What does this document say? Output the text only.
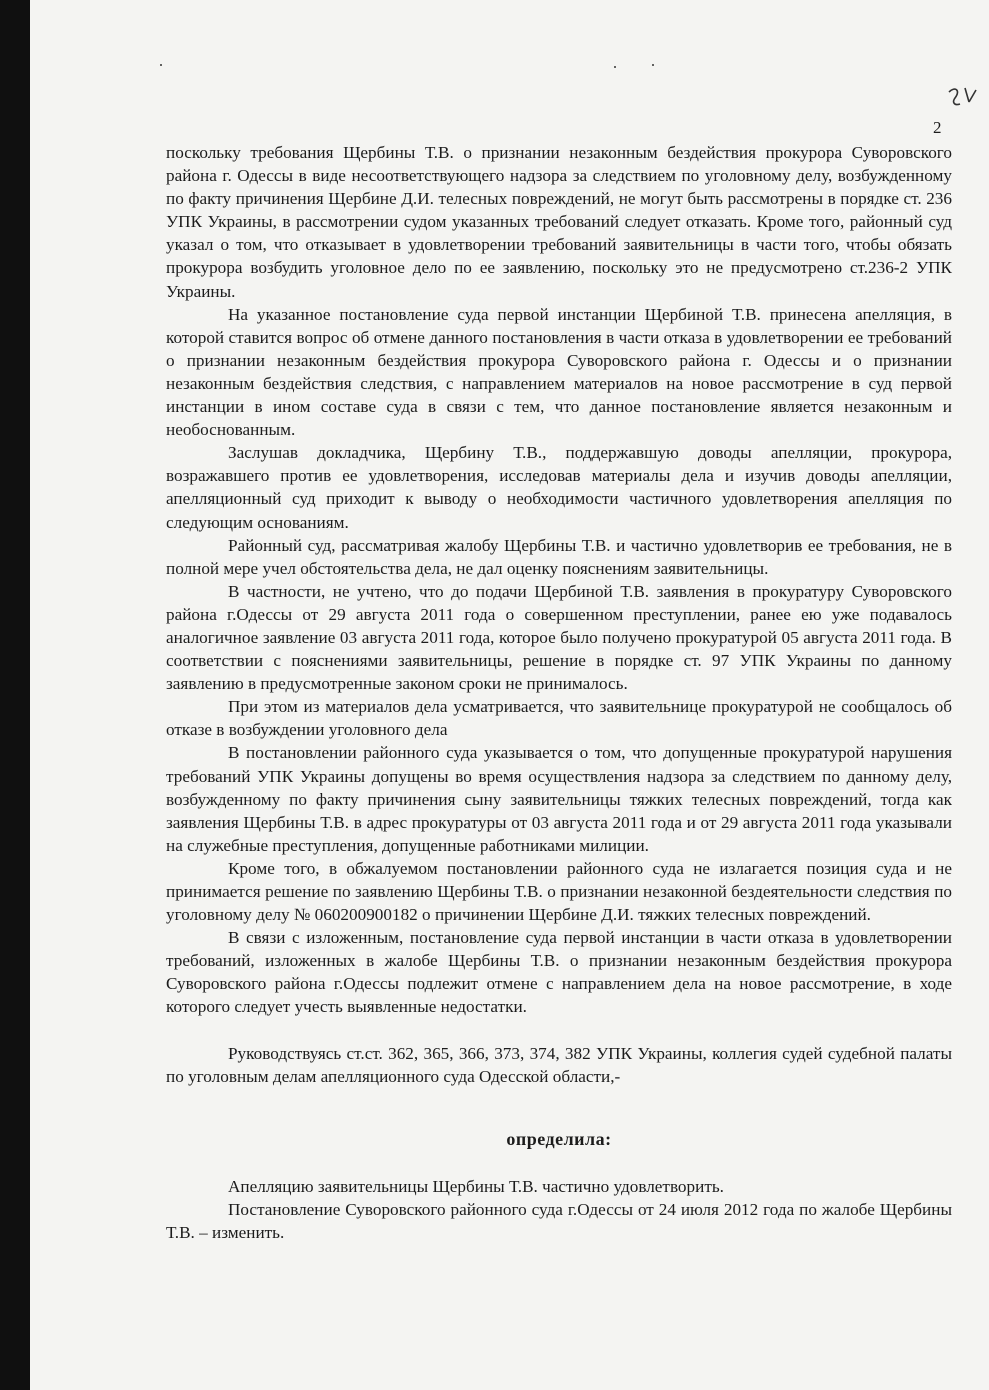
2

поскольку требования Щербины Т.В. о признании незаконным бездействия прокурора Суворовского района г. Одессы в виде несоответствующего надзора за следствием по уголовному делу, возбужденному по факту причинения Щербине Д.И. телесных повреждений, не могут быть рассмотрены в порядке ст. 236 УПК Украины, в рассмотрении судом указанных требований следует отказать. Кроме того, районный суд указал о том, что отказывает в удовлетворении требований заявительницы в части того, чтобы обязать прокурора возбудить уголовное дело по ее заявлению, поскольку это не предусмотрено ст.236-2 УПК Украины.

На указанное постановление суда первой инстанции Щербиной Т.В. принесена апелляция, в которой ставится вопрос об отмене данного постановления в части отказа в удовлетворении ее требований о признании незаконным бездействия прокурора Суворовского района г. Одессы и о признании незаконным бездействия следствия, с направлением материалов на новое рассмотрение в суд первой инстанции в ином составе суда в связи с тем, что данное постановление является незаконным и необоснованным.

Заслушав докладчика, Щербину Т.В., поддержавшую доводы апелляции, прокурора, возражавшего против ее удовлетворения, исследовав материалы дела и изучив доводы апелляции, апелляционный суд приходит к выводу о необходимости частичного удовлетворения апелляция по следующим основаниям.

Районный суд, рассматривая жалобу Щербины Т.В. и частично удовлетворив ее требования, не в полной мере учел обстоятельства дела, не дал оценку пояснениям заявительницы.

В частности, не учтено, что до подачи Щербиной Т.В. заявления в прокуратуру Суворовского района г.Одессы от 29 августа 2011 года о совершенном преступлении, ранее ею уже подавалось аналогичное заявление 03 августа 2011 года, которое было получено прокуратурой 05 августа 2011 года. В соответствии с пояснениями заявительницы, решение в порядке ст. 97 УПК Украины по данному заявлению в предусмотренные законом сроки не принималось.

При этом из материалов дела усматривается, что заявительнице прокуратурой не сообщалось об отказе в возбуждении уголовного дела

В постановлении районного суда указывается о том, что допущенные прокуратурой нарушения требований УПК Украины допущены во время осуществления надзора за следствием по данному делу, возбужденному по факту причинения сыну заявительницы тяжких телесных повреждений, тогда как заявления Щербины Т.В. в адрес прокуратуры от 03 августа 2011 года и от 29 августа 2011 года указывали на служебные преступления, допущенные работниками милиции.

Кроме того, в обжалуемом постановлении районного суда не излагается позиция суда и не принимается решение по заявлению Щербины Т.В. о признании незаконной бездеятельности следствия по уголовному делу № 060200900182 о причинении Щербине Д.И. тяжких телесных повреждений.

В связи с изложенным, постановление суда первой инстанции в части отказа в удовлетворении требований, изложенных в жалобе Щербины Т.В. о признании незаконным бездействия прокурора Суворовского района г.Одессы подлежит отмене с направлением дела на новое рассмотрение, в ходе которого следует учесть выявленные недостатки.

Руководствуясь ст.ст. 362, 365, 366, 373, 374, 382 УПК Украины, коллегия судей судебной палаты по уголовным делам апелляционного суда Одесской области,-

определила:

Апелляцию заявительницы Щербины Т.В. частично удовлетворить.

Постановление Суворовского районного суда г.Одессы от 24 июля 2012 года по жалобе Щербины Т.В. – изменить.
